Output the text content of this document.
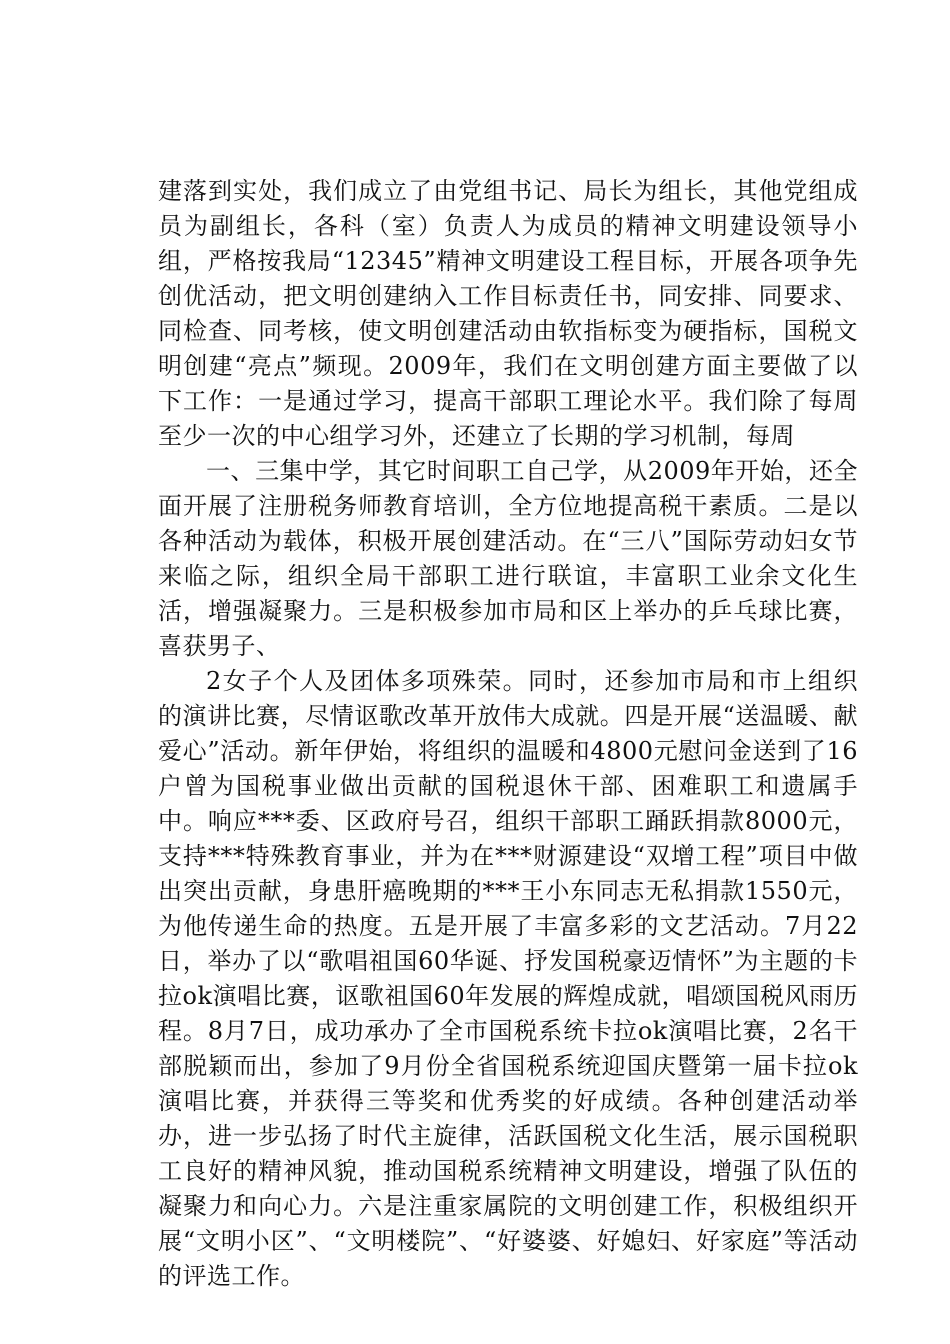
建落到实处，我们成立了由党组书记、局长为组长，其他党组成员为副组长，各科（室）负责人为成员的精神文明建设领导小组，严格按我局“12345”精神文明建设工程目标，开展各项争先创优活动，把文明创建纳入工作目标责任书，同安排、同要求、同检查、同考核，使文明创建活动由软指标变为硬指标，国税文明创建“亮点”频现。2009年，我们在文明创建方面主要做了以下工作：一是通过学习，提高干部职工理论水平。我们除了每周至少一次的中心组学习外，还建立了长期的学习机制，每周

一、三集中学，其它时间职工自己学，从2009年开始，还全面开展了注册税务师教育培训，全方位地提高税干素质。二是以各种活动为载体，积极开展创建活动。在“三八”国际劳动妇女节来临之际，组织全局干部职工进行联谊，丰富职工业余文化生活，增强凝聚力。三是积极参加市局和区上举办的乒乓球比赛，喜获男子、

2女子个人及团体多项殊荣。同时，还参加市局和市上组织的演讲比赛，尽情讴歌改革开放伟大成就。四是开展“送温暖、献爱心”活动。新年伊始，将组织的温暖和4800元慰问金送到了16户曾为国税事业做出贡献的国税退休干部、困难职工和遗属手中。响应***委、区政府号召，组织干部职工踊跃捐款8000元，支持***特殊教育事业，并为在***财源建设“双增工程”项目中做出突出贡献，身患肝癌晚期的***王小东同志无私捐款1550元，为他传递生命的热度。五是开展了丰富多彩的文艺活动。7月22日，举办了以“歌唱祖国60华诞、抒发国税豪迈情怀”为主题的卡拉ok演唱比赛，讴歌祖国60年发展的辉煌成就，唱颂国税风雨历程。8月7日，成功承办了全市国税系统卡拉ok演唱比赛，2名干部脱颖而出，参加了9月份全省国税系统迎国庆暨第一届卡拉ok演唱比赛，并获得三等奖和优秀奖的好成绩。各种创建活动举办，进一步弘扬了时代主旋律，活跃国税文化生活，展示国税职工良好的精神风貌，推动国税系统精神文明建设，增强了队伍的凝聚力和向心力。六是注重家属院的文明创建工作，积极组织开展“文明小区”、“文明楼院”、“好婆婆、好媳妇、好家庭”等活动的评选工作。
